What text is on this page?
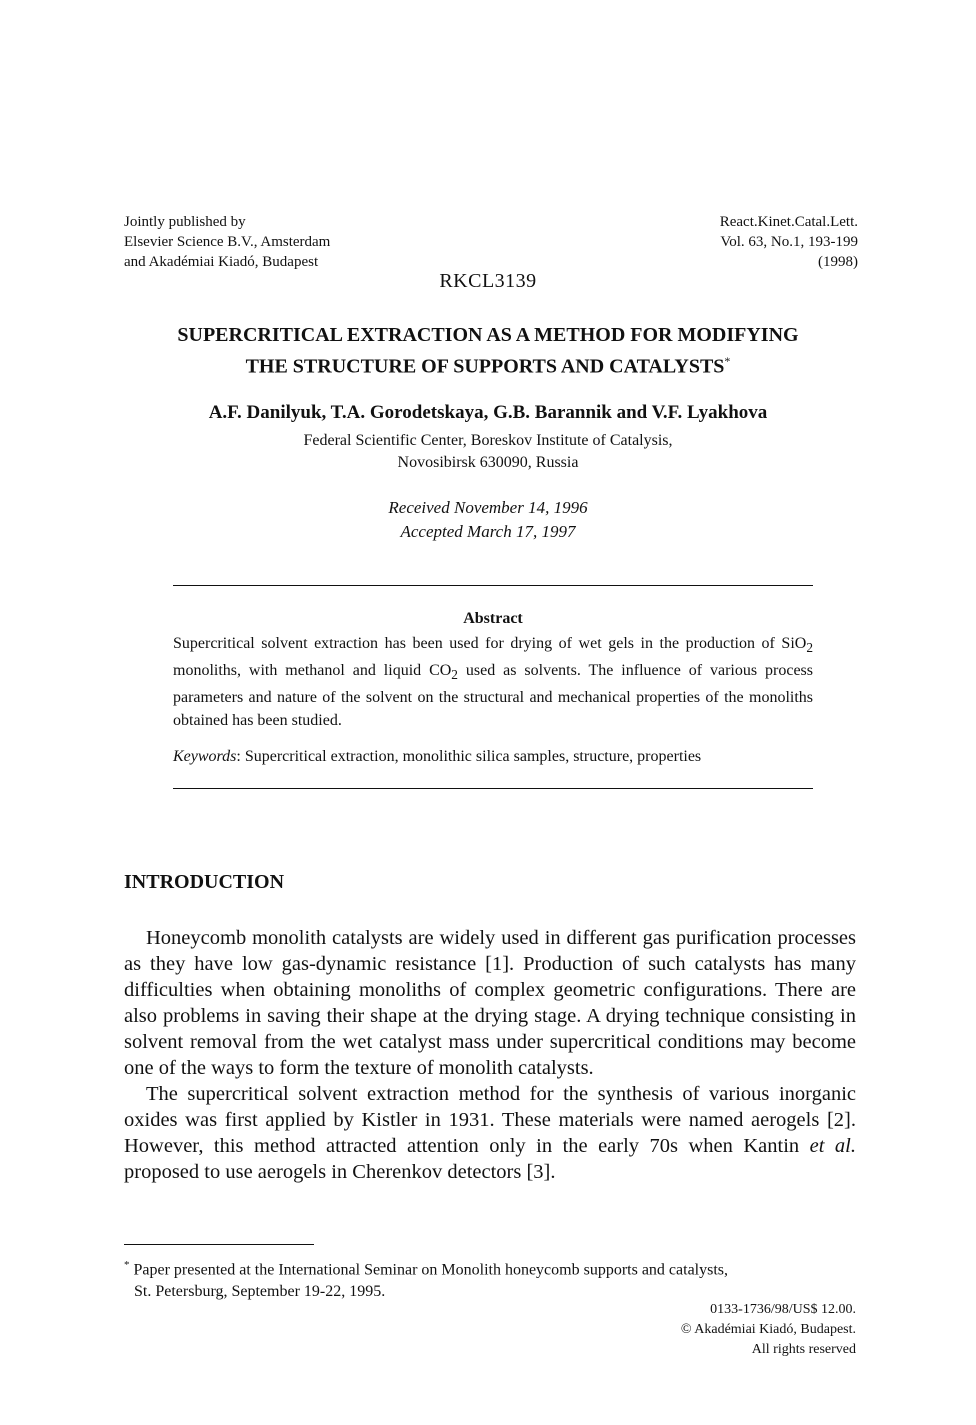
Jointly published by
Elsevier Science B.V., Amsterdam
and Akadémiai Kiadó, Budapest
React.Kinet.Catal.Lett.
Vol. 63, No.1, 193-199
(1998)
RKCL3139
SUPERCRITICAL EXTRACTION AS A METHOD FOR MODIFYING
THE STRUCTURE OF SUPPORTS AND CATALYSTS*
A.F. Danilyuk, T.A. Gorodetskaya, G.B. Barannik and V.F. Lyakhova
Federal Scientific Center, Boreskov Institute of Catalysis,
Novosibirsk 630090, Russia
Received November 14, 1996
Accepted March 17, 1997
Abstract
Supercritical solvent extraction has been used for drying of wet gels in the production of SiO$_2$ monoliths, with methanol and liquid $CO_2$ used as solvents. The influence of various process parameters and nature of the solvent on the structural and mechanical properties of the monoliths obtained has been studied.
Keywords: Supercritical extraction, monolithic silica samples, structure, properties
INTRODUCTION

Honeycomb monolith catalysts are widely used in different gas purification processes as they have low gas-dynamic resistance [1]. Production of such catalysts has many difficulties when obtaining monoliths of complex geometric configurations. There are also problems in saving their shape at the drying stage. A drying technique consisting in solvent removal from the wet catalyst mass under supercritical conditions may become one of the ways to form the texture of monolith catalysts.

The supercritical solvent extraction method for the synthesis of various inorganic oxides was first applied by Kistler in 1931. These materials were named aerogels [2]. However, this method attracted attention only in the early 70s when Kantin et al. proposed to use aerogels in Cherenkov detectors [3].

* Paper presented at the International Seminar on Monolith honeycomb supports and catalysts,
St. Petersburg, September 19-22, 1995.
0133-1736/98/US$ 12.00.
© Akadémiai Kiadó, Budapest.
All rights reserved
